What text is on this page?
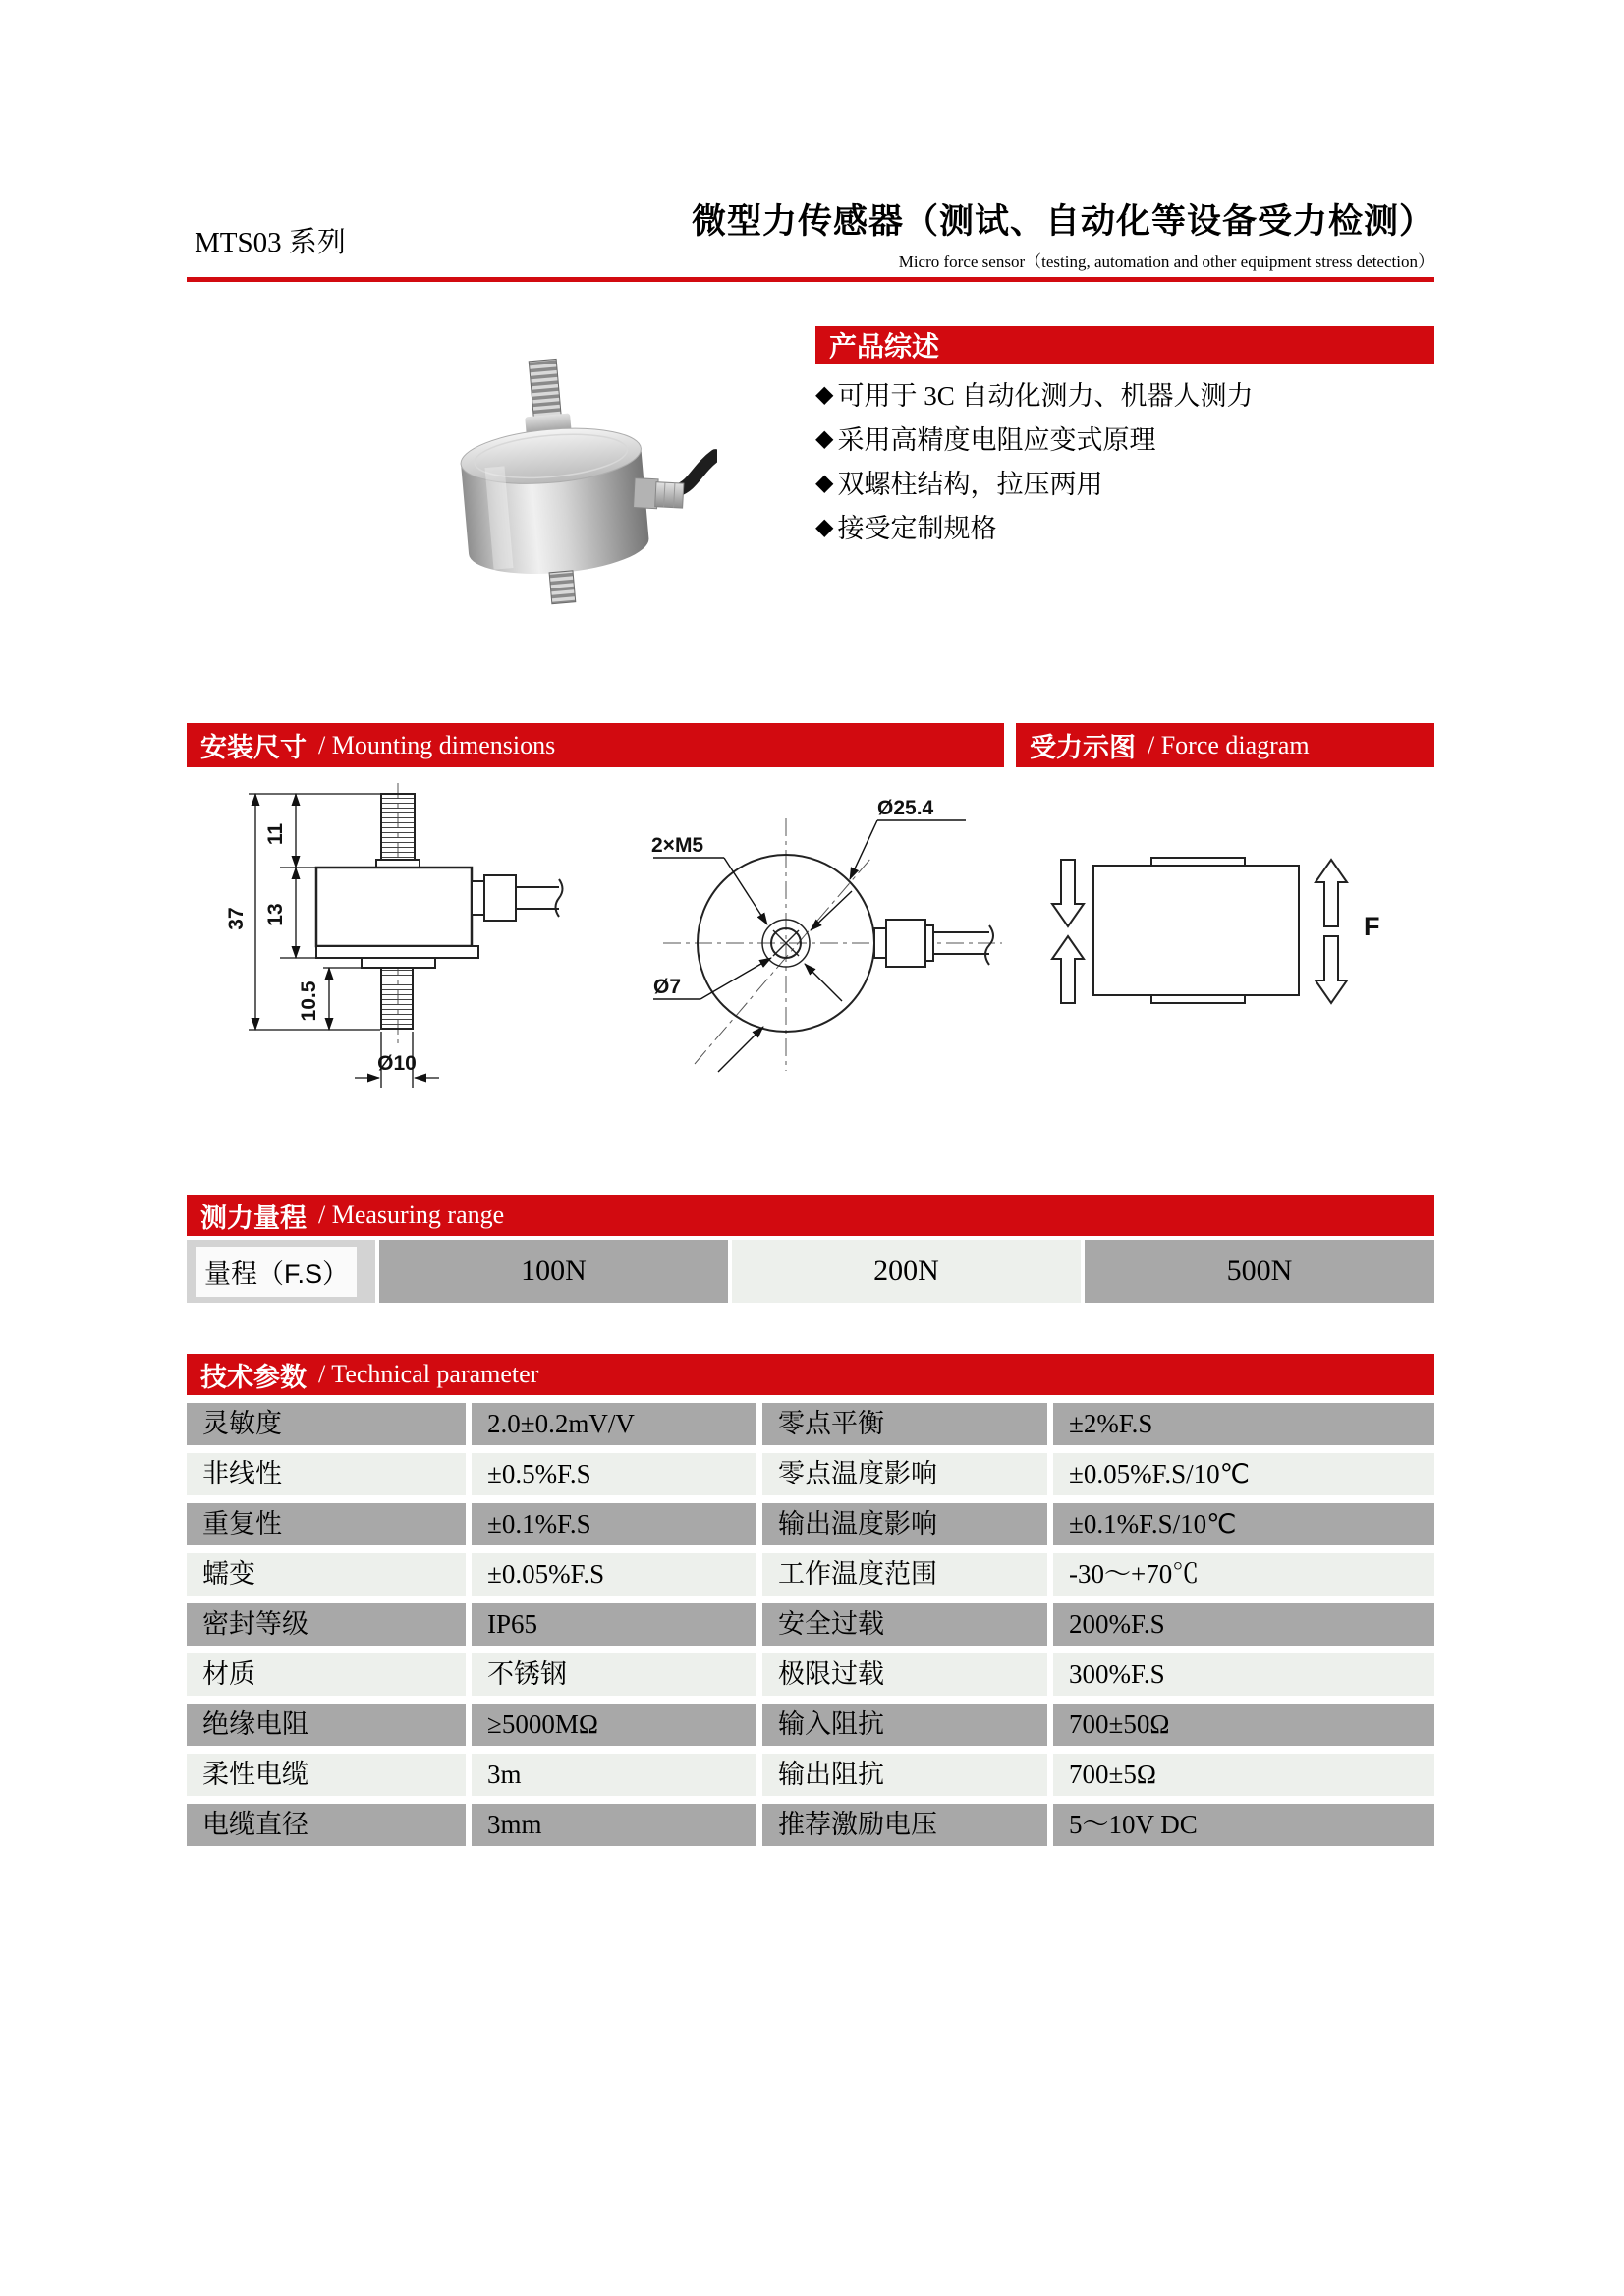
MTS03 系列
微型力传感器（测试、自动化等设备受力检测）
Micro force sensor（testing, automation and other equipment stress detection）
产品综述
◆ 可用于 3C 自动化测力、机器人测力
◆ 采用高精度电阻应变式原理
◆ 双螺柱结构，拉压两用
◆ 接受定制规格
安装尺寸 / Mounting dimensions	受力示图 / Force diagram
37
11
13
10.5
Ø10
2×M5
Ø25.4
Ø7
F
测力量程 / Measuring range
量程（F.S）	100N	200N	500N
技术参数 / Technical parameter
灵敏度	2.0±0.2mV/V	零点平衡	±2%F.S
非线性	±0.5%F.S	零点温度影响	±0.05%F.S/10℃
重复性	±0.1%F.S	输出温度影响	±0.1%F.S/10℃
蠕变	±0.05%F.S	工作温度范围	-30～+70℃
密封等级	IP65	安全过载	200%F.S
材质	不锈钢	极限过载	300%F.S
绝缘电阻	≥5000MΩ	输入阻抗	700±50Ω
柔性电缆	3m	输出阻抗	700±5Ω
电缆直径	3mm	推荐激励电压	5～10V DC
